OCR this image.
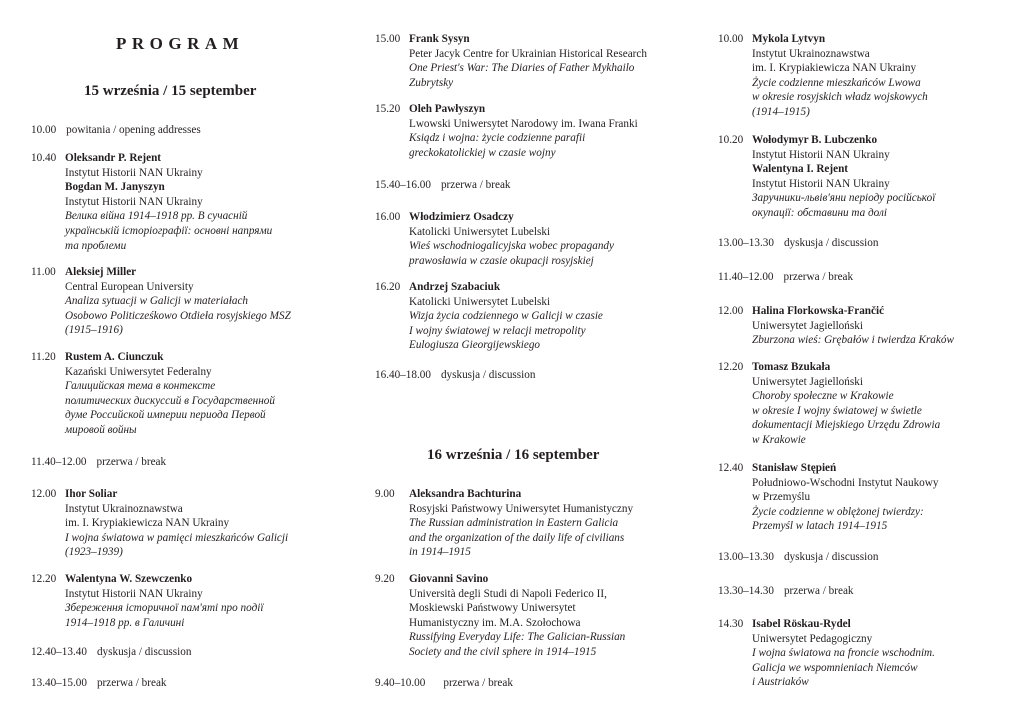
PROGRAM
15 września / 15 september
10.00 powitania / opening addresses
10.40 Oleksandr P. Rejent
Instytut Historii NAN Ukrainy
Bogdan M. Janyszyn
Instytut Historii NAN Ukrainy
Велика війна 1914–1918 рр. В сучасній
українській історіографії: основні напрями
та проблеми
11.00 Aleksiej Miller
Central European University
Analiza sytuacji w Galicji w materiałach
Osobowo Politicześkowo Otdieła rosyjskiego MSZ
(1915–1916)
11.20 Rustem A. Ciunczuk
Kazański Uniwersytet Federalny
Галицийская тема в контексте
политических дискуссий в Государственной
думе Российской империи периода Первой
мировой войны
11.40–12.00 przerwa / break
12.00 Ihor Soliar
Instytut Ukrainoznawstwa
im. I. Krypiakiewicza NAN Ukrainy
I wojna światowa w pamięci mieszkańców Galicji
(1923–1939)
12.20 Walentyna W. Szewczenko
Instytut Historii NAN Ukrainy
Збереження історичної пам'яті про події
1914–1918 рр. в Галичині
12.40–13.40 dyskusja / discussion
13.40–15.00 przerwa / break
15.00 Frank Sysyn
Peter Jacyk Centre for Ukrainian Historical Research
One Priest's War: The Diaries of Father Mykhailo
Zubrytsky
15.20 Oleh Pawłyszyn
Lwowski Uniwersytet Narodowy im. Iwana Franki
Ksiądz i wojna: życie codzienne parafii
greckokatolickiej w czasie wojny
15.40–16.00 przerwa / break
16.00 Włodzimierz Osadczy
Katolicki Uniwersytet Lubelski
Wieś wschodniogalicyjska wobec propagandy
prawosławia w czasie okupacji rosyjskiej
16.20 Andrzej Szabaciuk
Katolicki Uniwersytet Lubelski
Wizja życia codziennego w Galicji w czasie
I wojny światowej w relacji metropolity
Eulogiusza Gieorgijewskiego
16.40–18.00 dyskusja / discussion
16 września / 16 september
9.00 Aleksandra Bachturina
Rosyjski Państwowy Uniwersytet Humanistyczny
The Russian administration in Eastern Galicia
and the organization of the daily life of civilians
in 1914–1915
9.20 Giovanni Savino
Università degli Studi di Napoli Federico II,
Moskiewski Państwowy Uniwersytet
Humanistyczny im. M.A. Szołochowa
Russifying Everyday Life: The Galician-Russian
Society and the civil sphere in 1914–1915
9.40–10.00 przerwa / break
10.00 Mykola Lytvyn
Instytut Ukrainoznawstwa
im. I. Krypiakiewicza NAN Ukrainy
Życie codzienne mieszkańców Lwowa
w okresie rosyjskich władz wojskowych
(1914–1915)
10.20 Wołodymyr B. Lubczenko
Instytut Historii NAN Ukrainy
Walentyna I. Rejent
Instytut Historii NAN Ukrainy
Заручники-львів'яни періоду російської
окупації: обставини та долі
13.00–13.30 dyskusja / discussion
11.40–12.00 przerwa / break
12.00 Halina Florkowska-Frančić
Uniwersytet Jagielloński
Zburzona wieś: Grębałów i twierdza Kraków
12.20 Tomasz Bzukała
Uniwersytet Jagielloński
Choroby społeczne w Krakowie
w okresie I wojny światowej w świetle
dokumentacji Miejskiego Urzędu Zdrowia
w Krakowie
12.40 Stanisław Stępień
Południowo-Wschodni Instytut Naukowy
w Przemyślu
Życie codzienne w oblężonej twierdzy:
Przemyśl w latach 1914–1915
13.00–13.30 dyskusja / discussion
13.30–14.30 przerwa / break
14.30 Isabel Röskau-Rydel
Uniwersytet Pedagogiczny
I wojna światowa na froncie wschodnim.
Galicja we wspomnieniach Niemców
i Austriaków
